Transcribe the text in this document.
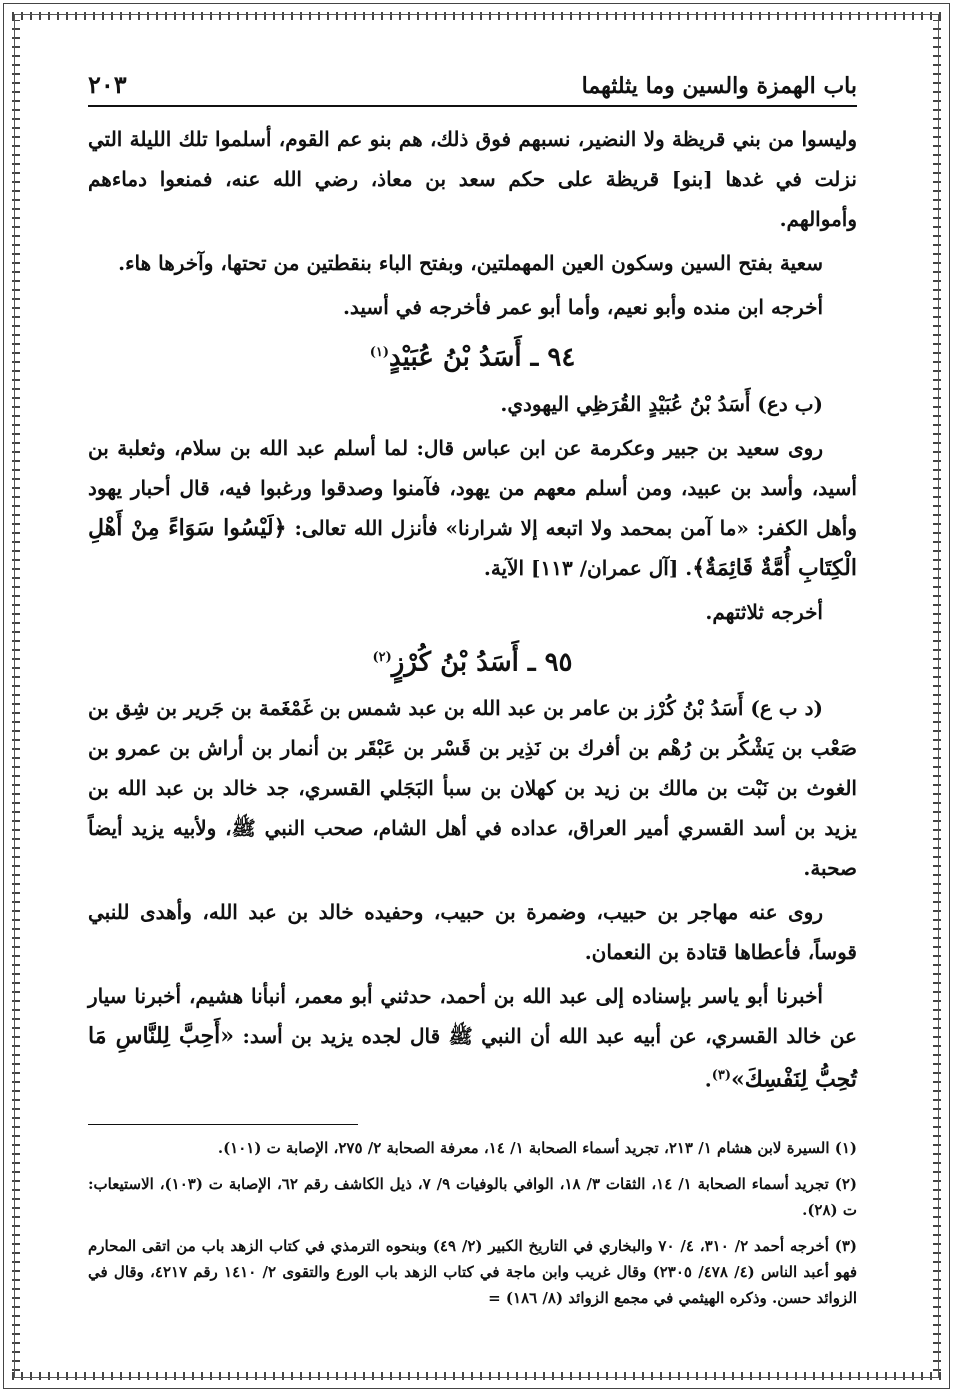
باب الهمزة والسين وما يثلثهما
٢٠٣

وليسوا من بني قريظة ولا النضير، نسبهم فوق ذلك، هم بنو عم القوم، أسلموا تلك الليلة التي نزلت في غدها [بنو] قريظة على حكم سعد بن معاذ، رضي الله عنه، فمنعوا دماءهم وأموالهم.

سعية بفتح السين وسكون العين المهملتين، وبفتح الباء بنقطتين من تحتها، وآخرها هاء.

أخرجه ابن منده وأبو نعيم، وأما أبو عمر فأخرجه في أسيد.

٩٤ ـ أَسَدُ بْنُ عُبَيْدٍ$^{(١)}$

(ب دع) أَسَدُ بْنُ عُبَيْدٍ القُرَظِي اليهودي.

روى سعيد بن جبير وعكرمة عن ابن عباس قال: لما أسلم عبد الله بن سلام، وثعلبة بن أسيد، وأسد بن عبيد، ومن أسلم معهم من يهود، فآمنوا وصدقوا ورغبوا فيه، قال أحبار يهود وأهل الكفر: «ما آمن بمحمد ولا اتبعه إلا شرارنا» فأنزل الله تعالى: ﴿لَيْسُوا سَوَاءً مِنْ أَهْلِ الْكِتَابِ أُمَّةٌ قَائِمَةٌ﴾. [آل عمران/ ١١٣] الآية.

أخرجه ثلاثتهم.

٩٥ ـ أَسَدُ بْنُ كُرْزٍ$^{(٢)}$

(د ب ع) أَسَدُ بْنُ كُرْز بن عامر بن عبد الله بن عبد شمس بن غَمْغَمة بن جَرير بن شِق بن صَعْب بن يَشْكُر بن رُهْم بن أفرك بن نَذِير بن قَسْر بن عَبْقَر بن أنمار بن أراش بن عمرو بن الغوث بن نَبْت بن مالك بن زيد بن كهلان بن سبأ البَجَلي القسري، جد خالد بن عبد الله بن يزيد بن أسد القسري أمير العراق، عداده في أهل الشام، صحب النبي ﷺ، ولأبيه يزيد أيضاً صحبة.

روى عنه مهاجر بن حبيب، وضمرة بن حبيب، وحفيده خالد بن عبد الله، وأهدى للنبي قوساً، فأعطاها قتادة بن النعمان.

أخبرنا أبو ياسر بإسناده إلى عبد الله بن أحمد، حدثني أبو معمر، أنبأنا هشيم، أخبرنا سيار عن خالد القسري، عن أبيه عبد الله أن النبي ﷺ قال لجده يزيد بن أسد: «أَحِبَّ لِلنَّاسِ مَا تُحِبُّ لِنَفْسِكَ»$^{(٣)}$.

(١) السيرة لابن هشام ١/ ٢١٣، تجريد أسماء الصحابة ١/ ١٤، معرفة الصحابة ٢/ ٢٧٥، الإصابة ت (١٠١).

(٢) تجريد أسماء الصحابة ١/ ١٤، الثقات ٣/ ١٨، الوافي بالوفيات ٩/ ٧، ذيل الكاشف رقم ٦٢، الإصابة ت (١٠٣)، الاستيعاب: ت (٢٨).

(٣) أخرجه أحمد ٢/ ٣١٠، ٤/ ٧٠ والبخاري في التاريخ الكبير (٢/ ٤٩) وبنحوه الترمذي في كتاب الزهد باب من اتقى المحارم فهو أعبد الناس (٤/ ٤٧٨/ ٢٣٠٥) وقال غريب وابن ماجة في كتاب الزهد باب الورع والتقوى ٢/ ١٤١٠ رقم ٤٢١٧، وقال في الزوائد حسن. وذكره الهيثمي في مجمع الزوائد (٨/ ١٨٦) =
